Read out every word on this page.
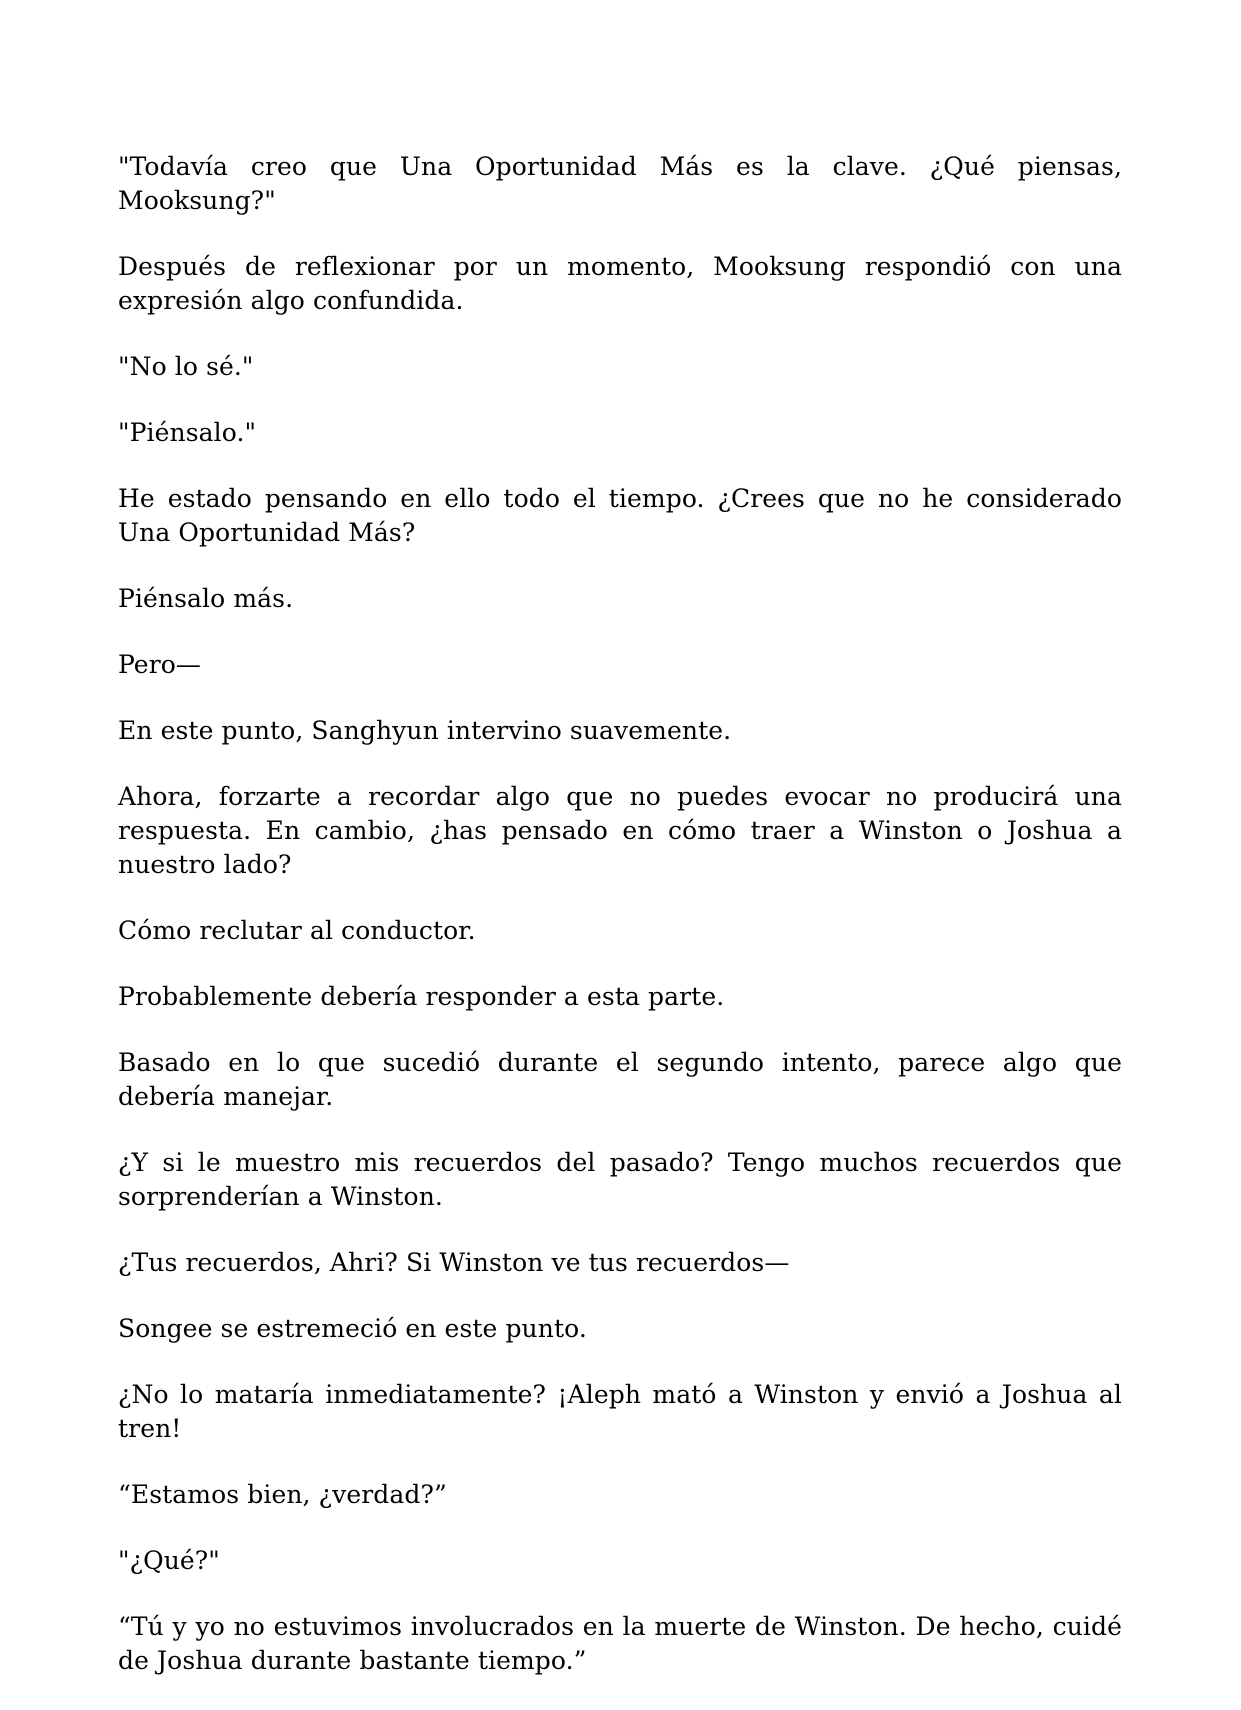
"Todavía creo que Una Oportunidad Más es la clave. ¿Qué piensas, Mooksung?"

Después de reflexionar por un momento, Mooksung respondió con una expresión algo confundida.

"No lo sé."

"Piénsalo."

He estado pensando en ello todo el tiempo. ¿Crees que no he considerado Una Oportunidad Más?

Piénsalo más.

Pero—

En este punto, Sanghyun intervino suavemente.

Ahora, forzarte a recordar algo que no puedes evocar no producirá una respuesta. En cambio, ¿has pensado en cómo traer a Winston o Joshua a nuestro lado?

Cómo reclutar al conductor.

Probablemente debería responder a esta parte.

Basado en lo que sucedió durante el segundo intento, parece algo que debería manejar.

¿Y si le muestro mis recuerdos del pasado? Tengo muchos recuerdos que sorprenderían a Winston.

¿Tus recuerdos, Ahri? Si Winston ve tus recuerdos—

Songee se estremeció en este punto.

¿No lo mataría inmediatamente? ¡Aleph mató a Winston y envió a Joshua al tren!

“Estamos bien, ¿verdad?”

"¿Qué?"

“Tú y yo no estuvimos involucrados en la muerte de Winston. De hecho, cuidé de Joshua durante bastante tiempo.”
